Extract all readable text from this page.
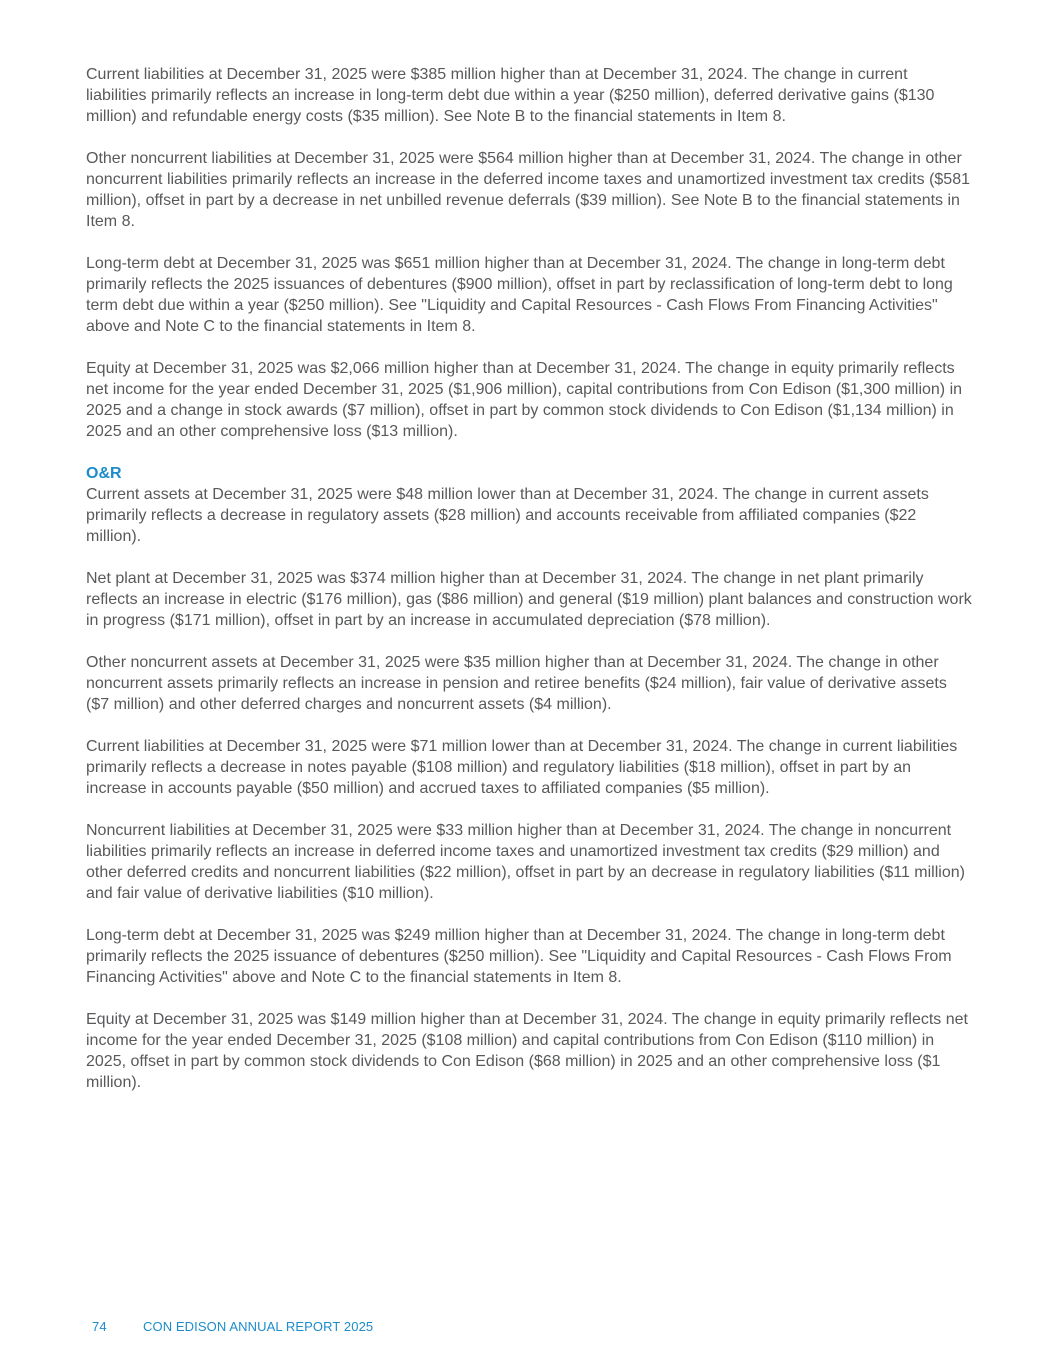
Current liabilities at December 31, 2025 were $385 million higher than at December 31, 2024. The change in current liabilities primarily reflects an increase in long-term debt due within a year ($250 million), deferred derivative gains ($130 million) and refundable energy costs ($35 million). See Note B to the financial statements in Item 8.

Other noncurrent liabilities at December 31, 2025 were $564 million higher than at December 31, 2024. The change in other noncurrent liabilities primarily reflects an increase in the deferred income taxes and unamortized investment tax credits ($581 million), offset in part by a decrease in net unbilled revenue deferrals ($39 million). See Note B to the financial statements in Item 8.

Long-term debt at December 31, 2025 was $651 million higher than at December 31, 2024. The change in long-term debt primarily reflects the 2025 issuances of debentures ($900 million), offset in part by reclassification of long-term debt to long term debt due within a year ($250 million). See "Liquidity and Capital Resources - Cash Flows From Financing Activities" above and Note C to the financial statements in Item 8.

Equity at December 31, 2025 was $2,066 million higher than at December 31, 2024. The change in equity primarily reflects net income for the year ended December 31, 2025 ($1,906 million), capital contributions from Con Edison ($1,300 million) in 2025 and a change in stock awards ($7 million), offset in part by common stock dividends to Con Edison ($1,134 million) in 2025 and an other comprehensive loss ($13 million).

O&R

Current assets at December 31, 2025 were $48 million lower than at December 31, 2024. The change in current assets primarily reflects a decrease in regulatory assets ($28 million) and accounts receivable from affiliated companies ($22 million).

Net plant at December 31, 2025 was $374 million higher than at December 31, 2024. The change in net plant primarily reflects an increase in electric ($176 million), gas ($86 million) and general ($19 million) plant balances and construction work in progress ($171 million), offset in part by an increase in accumulated depreciation ($78 million).

Other noncurrent assets at December 31, 2025 were $35 million higher than at December 31, 2024. The change in other noncurrent assets primarily reflects an increase in pension and retiree benefits ($24 million), fair value of derivative assets ($7 million) and other deferred charges and noncurrent assets ($4 million).

Current liabilities at December 31, 2025 were $71 million lower than at December 31, 2024. The change in current liabilities primarily reflects a decrease in notes payable ($108 million) and regulatory liabilities ($18 million), offset in part by an increase in accounts payable ($50 million) and accrued taxes to affiliated companies ($5 million).

Noncurrent liabilities at December 31, 2025 were $33 million higher than at December 31, 2024. The change in noncurrent liabilities primarily reflects an increase in deferred income taxes and unamortized investment tax credits ($29 million) and other deferred credits and noncurrent liabilities ($22 million), offset in part by an decrease in regulatory liabilities ($11 million) and fair value of derivative liabilities ($10 million).

Long-term debt at December 31, 2025 was $249 million higher than at December 31, 2024. The change in long-term debt primarily reflects the 2025 issuance of debentures ($250 million). See "Liquidity and Capital Resources - Cash Flows From Financing Activities" above and Note C to the financial statements in Item 8.

Equity at December 31, 2025 was $149 million higher than at December 31, 2024. The change in equity primarily reflects net income for the year ended December 31, 2025 ($108 million) and capital contributions from Con Edison ($110 million) in 2025, offset in part by common stock dividends to Con Edison ($68 million) in 2025 and an other comprehensive loss ($1 million).

74	CON EDISON ANNUAL REPORT 2025
